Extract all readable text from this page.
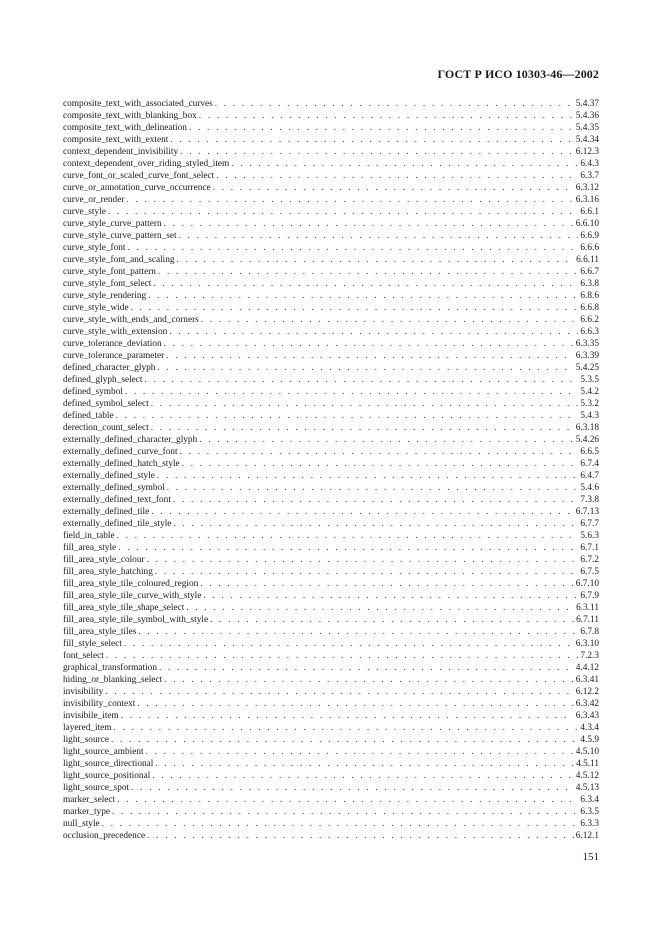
ГОСТ Р ИСО 10303-46—2002
composite_text_with_associated_curves . . .	5.4.37
composite_text_with_blanking_box . . .	5.4.36
composite_text_with_delineation . . .	5.4.35
composite_text_with_extent . . .	5.4.34
context_dependent_invisibility . . .	6.12.3
context_dependent_over_riding_styled_item . . .	6.4.3
curve_font_or_scaled_curve_font_select . . .	6.3.7
curve_or_annotation_curve_occurrence . . .	6.3.12
curve_or_render . . .	6.3.16
curve_style . . .	6.6.1
curve_style_curve_pattern . . .	6.6.10
curve_style_curve_pattern_set . . .	6.6.9
curve_style_font . . .	6.6.6
curve_style_font_and_scaling . . .	6.6.11
curve_style_font_pattern . . .	6.6.7
curve_style_font_select . . .	6.3.8
curve_style_rendering . . .	6.8.6
curve_style_wide . . .	6.6.8
curve_style_with_ends_and_corners . . .	6.6.2
curve_style_with_extension . . .	6.6.3
curve_tolerance_deviation . . .	6.3.35
curve_tolerance_parameter . . .	6.3.39
defined_character_glyph . . .	5.4.25
defined_glyph_select . . .	5.3.5
defined_symbol . . .	5.4.2
defined_symbol_select . . .	5.3.2
defined_table . . .	5.4.3
derection_count_select . . .	6.3.18
externally_defined_character_glyph . . .	5.4.26
externally_defined_curve_font . . .	6.6.5
externally_defined_hatch_style . . .	6.7.4
externally_defined_style . . .	6.4.7
externally_defined_symbol . . .	5.4.6
externally_defined_text_font . . .	7.3.8
externally_defined_tile . . .	6.7.13
externally_defined_tile_style . . .	6.7.7
field_in_table . . .	5.6.3
fill_area_style . . .	6.7.1
fill_area_style_colour . . .	6.7.2
fill_area_style_hatching . . .	6.7.5
fill_area_style_tile_coloured_region . . .	6.7.10
fill_area_style_tile_curve_with_style . . .	6.7.9
fill_area_style_tile_shape_select . . .	6.3.11
fill_area_style_tile_symbol_with_style . . .	6.7.11
fill_area_style_tiles . . .	6.7.8
fill_style_select . . .	6.3.10
font_select . . .	7.2.3
graphical_transformation . . .	4.4.12
hiding_or_blanking_select . . .	6.3.41
invisibility . . .	6.12.2
invisibility_context . . .	6.3.42
invisibile_item . . .	6.3.43
layered_item . . .	4.3.4
light_source . . .	4.5.9
light_source_ambient . . .	4.5.10
light_source_directional . . .	4.5.11
light_source_positional . . .	4.5.12
light_source_spot . . .	4.5.13
marker_select . . .	6.3.4
marker_type . . .	6.3.5
null_style . . .	6.3.3
occlusion_precedence . . .	6.12.1
151
